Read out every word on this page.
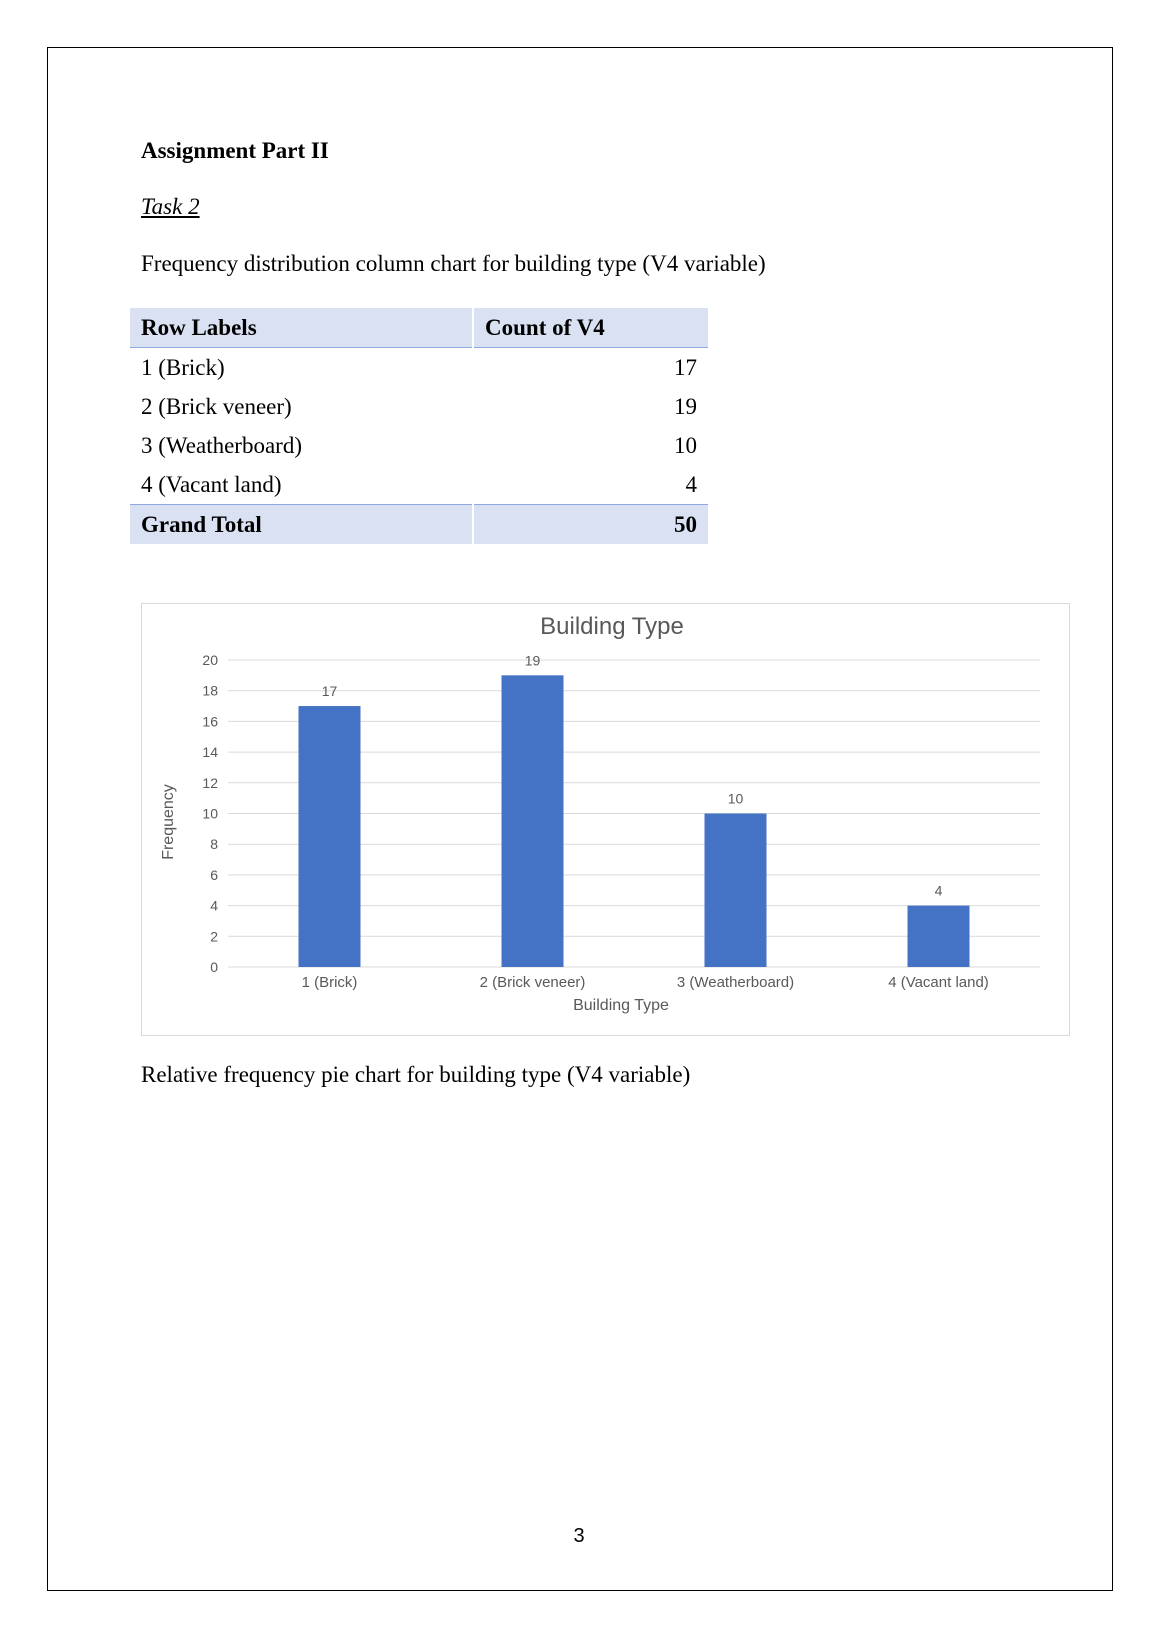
Assignment Part II
Task 2
Frequency distribution column chart for building type (V4 variable)
Row Labels	Count of V4
1 (Brick)	17
2 (Brick veneer)	19
3 (Weatherboard)	10
4 (Vacant land)	4
Grand Total	50
Building Type
Frequency
Building Type
0
2
4
6
8
10
12
14
16
18
20
17
19
10
4
1 (Brick)	2 (Brick veneer)	3 (Weatherboard)	4 (Vacant land)
Relative frequency pie chart for building type (V4 variable)
3
